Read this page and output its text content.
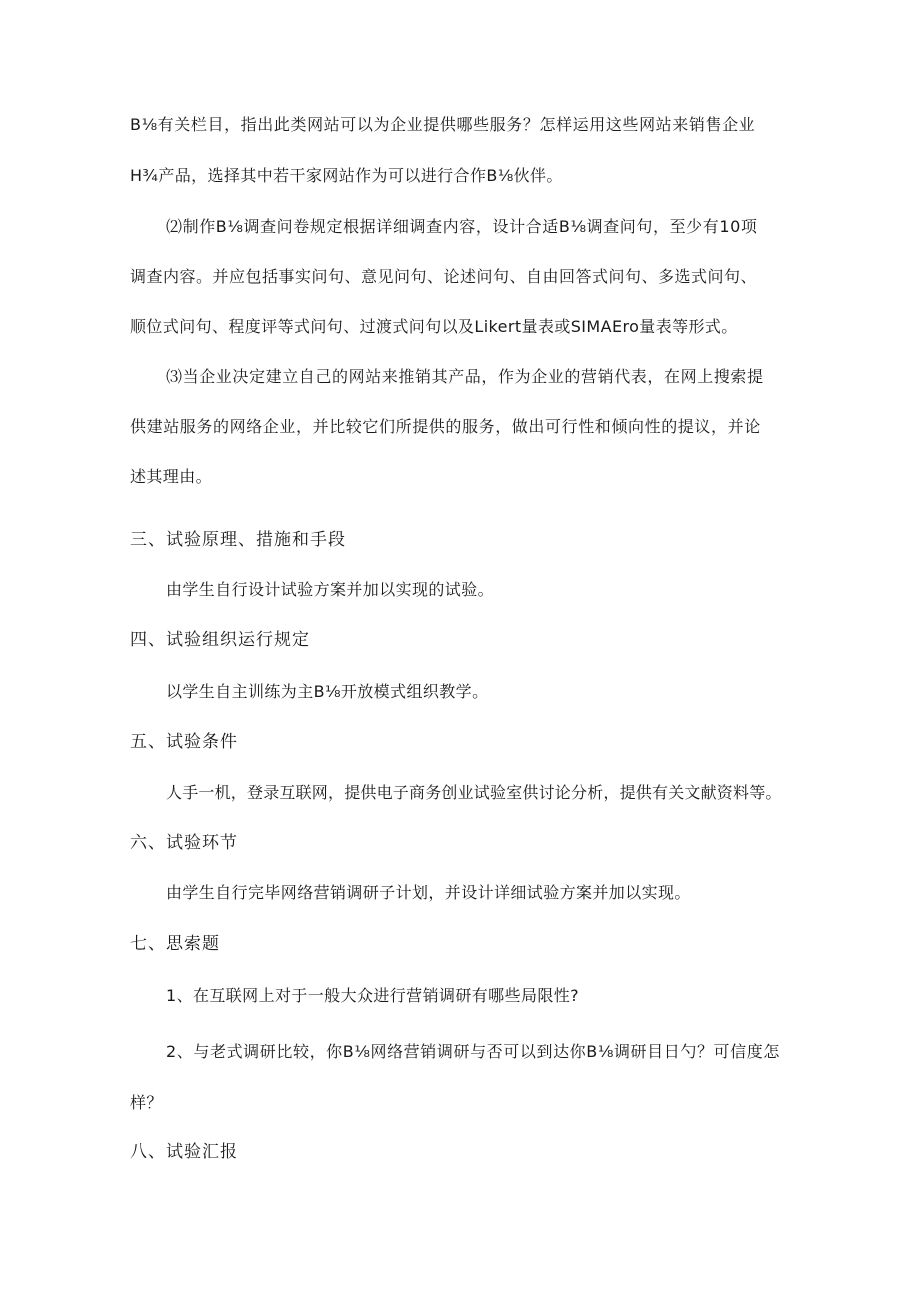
B⅛有关栏目，指出此类网站可以为企业提供哪些服务？怎样运用这些网站来销售企业
H¾产品，选择其中若干家网站作为可以进行合作B⅛伙伴。
⑵制作B⅛调查问卷规定根据详细调查内容，设计合适B⅛调查问句，至少有10项
调查内容。并应包括事实问句、意见问句、论述问句、自由回答式问句、多选式问句、
顺位式问句、程度评等式问句、过渡式问句以及Likert量表或SIMAEro量表等形式。
⑶当企业决定建立自己的网站来推销其产品，作为企业的营销代表，在网上搜索提
供建站服务的网络企业，并比较它们所提供的服务，做出可行性和倾向性的提议，并论
述其理由。
三、试验原理、措施和手段
由学生自行设计试验方案并加以实现的试验。
四、试验组织运行规定
以学生自主训练为主B⅛开放模式组织教学。
五、试验条件
人手一机，登录互联网，提供电子商务创业试验室供讨论分析，提供有关文献资料等。
六、试验环节
由学生自行完毕网络营销调研子计划，并设计详细试验方案并加以实现。
七、思索题
1、在互联网上对于一般大众进行营销调研有哪些局限性?
2、与老式调研比较，你B⅛网络营销调研与否可以到达你B⅛调研目日勺？可信度怎
样？
八、试验汇报
